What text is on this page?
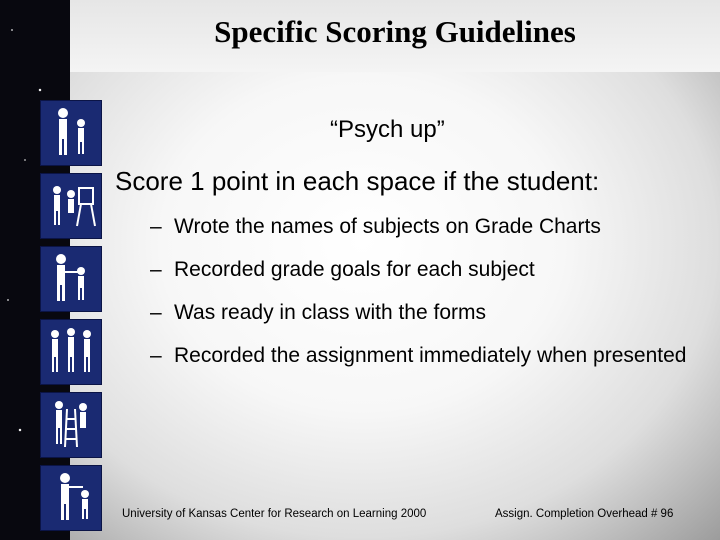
Specific Scoring Guidelines
“Psych up”
Score 1 point in each space if the student:
– Wrote the names of subjects on Grade Charts
– Recorded grade goals for each subject
– Was ready in class with the forms
– Recorded the assignment immediately when presented
University of Kansas Center for Research on Learning 2000	Assign. Completion Overhead # 96
